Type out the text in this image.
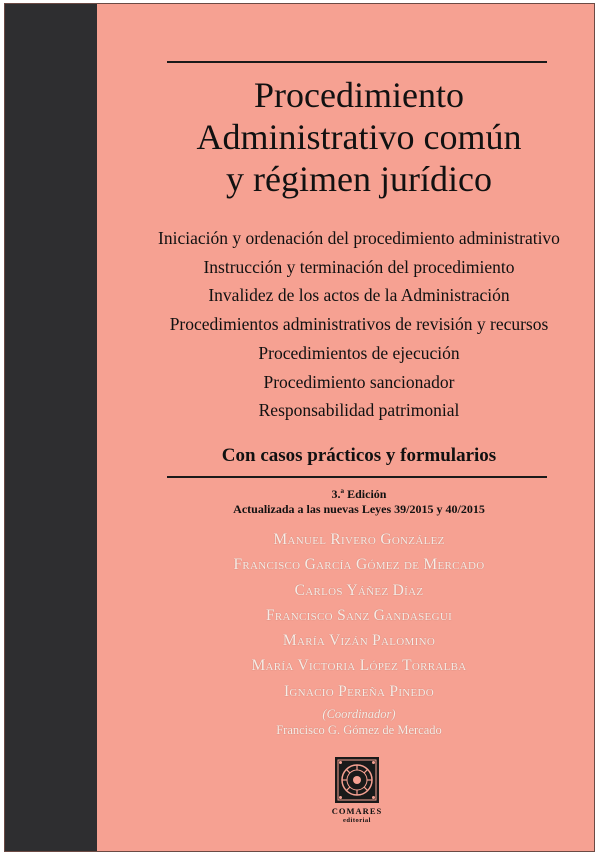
Procedimiento
Administrativo común
y régimen jurídico
Iniciación y ordenación del procedimiento administrativo
Instrucción y terminación del procedimiento
Invalidez de los actos de la Administración
Procedimientos administrativos de revisión y recursos
Procedimientos de ejecución
Procedimiento sancionador
Responsabilidad patrimonial
Con casos prácticos y formularios
3.ª Edición
Actualizada a las nuevas Leyes 39/2015 y 40/2015
Manuel Rivero González
Francisco García Gómez de Mercado
Carlos Yáñez Díaz
Francisco Sanz Gandasegui
María Vizán Palomino
María Victoria López Torralba
Ignacio Pereña Pinedo
(Coordinador)
Francisco G. Gómez de Mercado
COMARES
editorial
